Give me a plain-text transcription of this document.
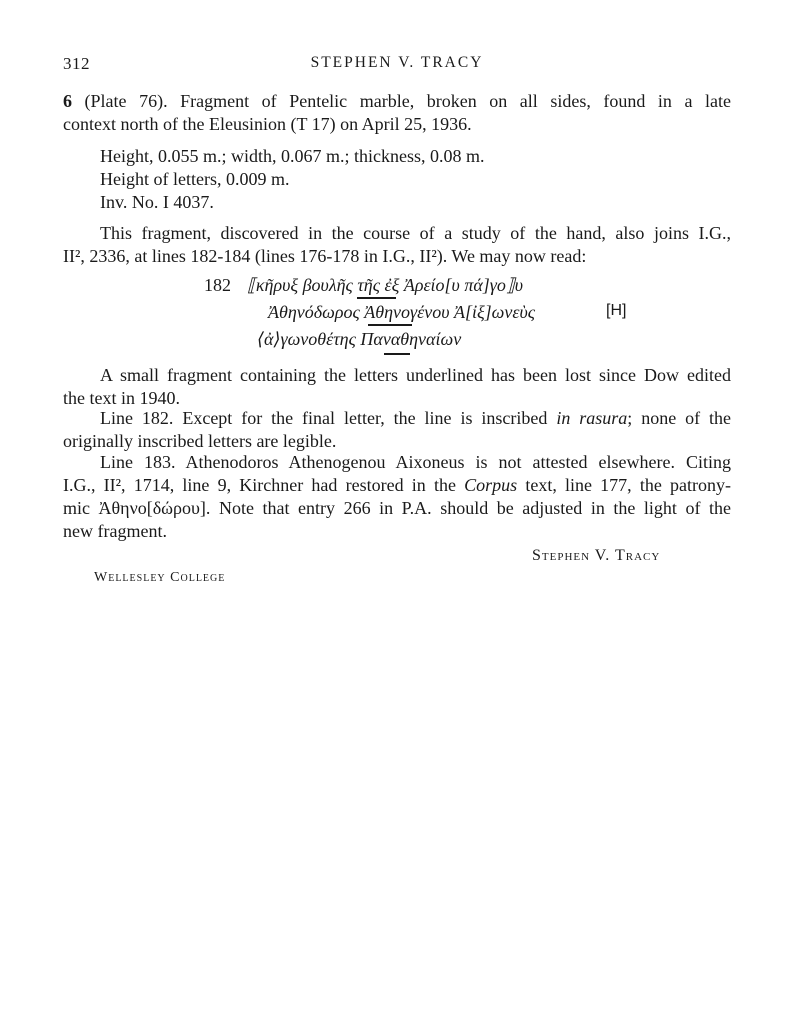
312	STEPHEN V. TRACY
6 (Plate 76). Fragment of Pentelic marble, broken on all sides, found in a late
context north of the Eleusinion (T 17) on April 25, 1936.
Height, 0.055 m.; width, 0.067 m.; thickness, 0.08 m.
Height of letters, 0.009 m.
Inv. No. I 4037.
This fragment, discovered in the course of a study of the hand, also joins I.G.,
II², 2336, at lines 182-184 (lines 176-178 in I.G., II²). We may now read:
182 ⟦κῆρυξ βουλῆς τῆς ἐξ Ἀρείο[υ πά]γο⟧υ
Ἀθηνόδωρος Ἀθηνογένου Ἀ[ἰξ]ωνεὺς
⟨ἀ⟩γωνοθέτης Παναθηναίων
[H]
A small fragment containing the letters underlined has been lost since Dow edited
the text in 1940.
Line 182. Except for the final letter, the line is inscribed in rasura; none of the
originally inscribed letters are legible.
Line 183. Athenodoros Athenogenou Aixoneus is not attested elsewhere. Citing
I.G., II², 1714, line 9, Kirchner had restored in the Corpus text, line 177, the patrony-
mic Ἀθηνο[δώρου]. Note that entry 266 in P.A. should be adjusted in the light of the
new fragment.
Stephen V. Tracy
Wellesley College
